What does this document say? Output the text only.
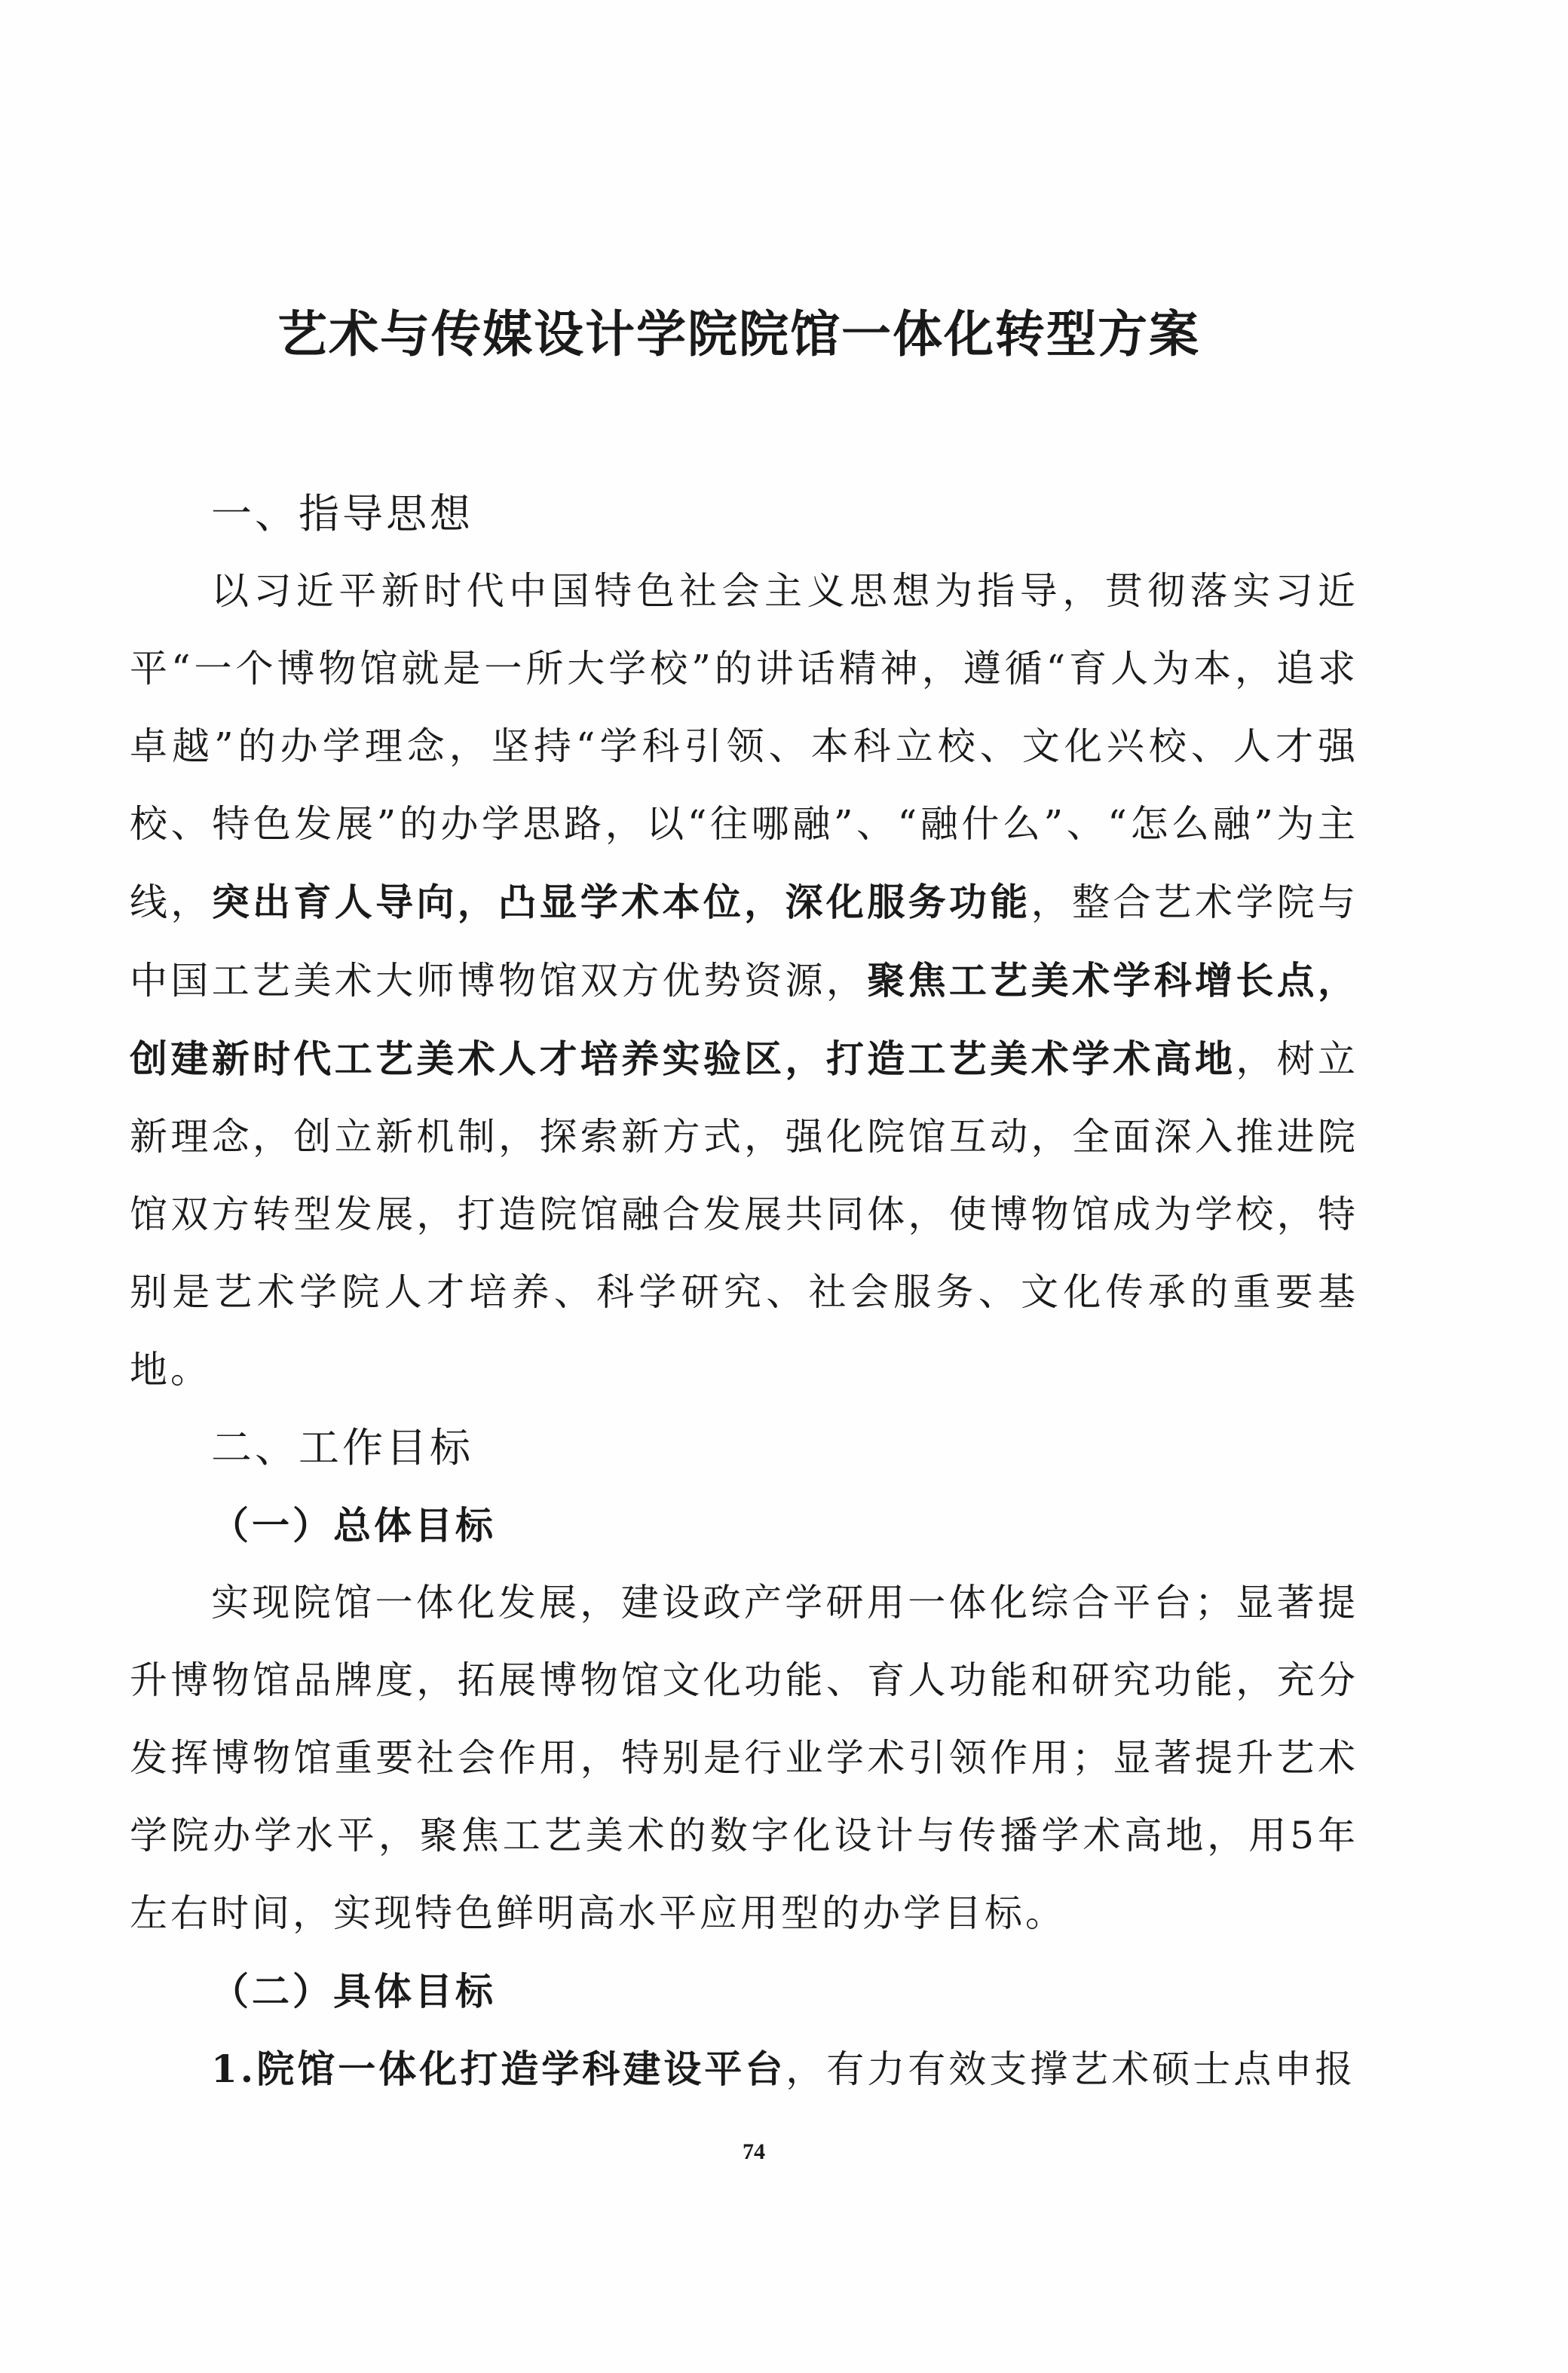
艺术与传媒设计学院院馆一体化转型方案
一、指导思想

以习近平新时代中国特色社会主义思想为指导，贯彻落实习近平“一个博物馆就是一所大学校”的讲话精神，遵循“育人为本，追求卓越”的办学理念，坚持“学科引领、本科立校、文化兴校、人才强校、特色发展”的办学思路，以“往哪融”、“融什么”、“怎么融”为主线，突出育人导向，凸显学术本位，深化服务功能，整合艺术学院与中国工艺美术大师博物馆双方优势资源，聚焦工艺美术学科增长点，创建新时代工艺美术人才培养实验区，打造工艺美术学术高地，树立新理念，创立新机制，探索新方式，强化院馆互动，全面深入推进院馆双方转型发展，打造院馆融合发展共同体，使博物馆成为学校，特别是艺术学院人才培养、科学研究、社会服务、文化传承的重要基地。

二、工作目标
（一）总体目标

实现院馆一体化发展，建设政产学研用一体化综合平台；显著提升博物馆品牌度，拓展博物馆文化功能、育人功能和研究功能，充分发挥博物馆重要社会作用，特别是行业学术引领作用；显著提升艺术学院办学水平，聚焦工艺美术的数字化设计与传播学术高地，用5年左右时间，实现特色鲜明高水平应用型的办学目标。

（二）具体目标

1.院馆一体化打造学科建设平台，有力有效支撑艺术硕士点申报

74
